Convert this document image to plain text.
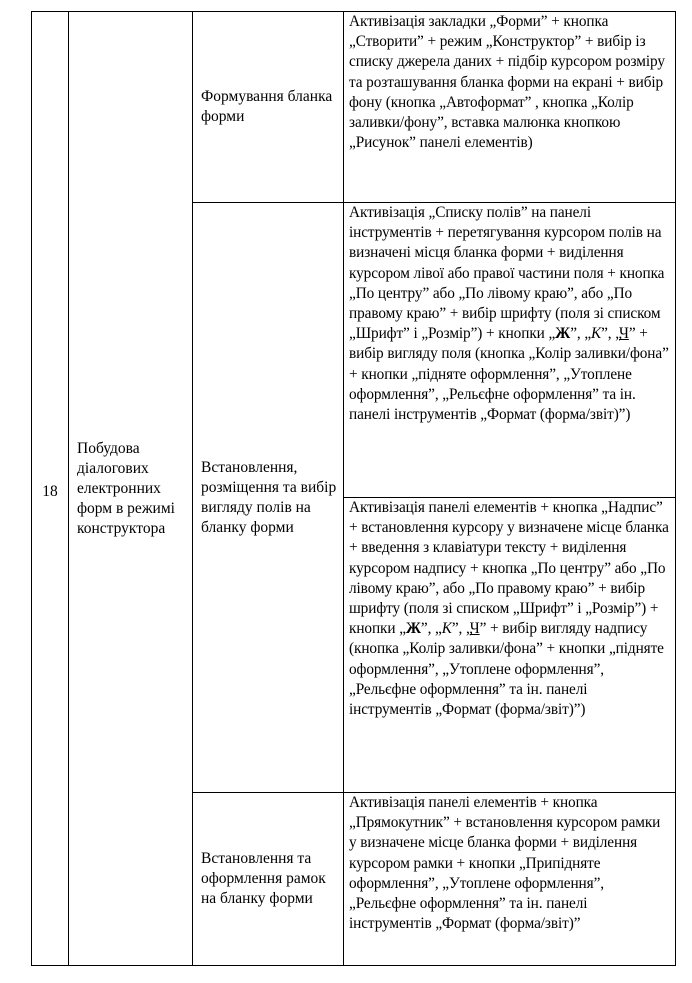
18	Побудова діалогових електронних форм в режимі конструктора	Формування бланка форми	Активізація закладки „Форми” + кнопка „Створити” + режим „Конструктор” + вибір із списку джерела даних + підбір курсором розміру та розташування бланка форми на екрані + вибір фону (кнопка „Автоформат” , кнопка „Колір заливки/фону”, вставка малюнка кнопкою „Рисунок” панелі елементів)

		Встановлення, розміщення та вибір вигляду полів на бланку форми	Активізація „Списку полів” на панелі інструментів + перетягування курсором полів на визначені місця бланка форми + виділення курсором лівої або правої частини поля + кнопка „По центру” або „По лівому краю”, або „По правому краю” + вибір шрифту (поля зі списком „Шрифт” і „Розмір”) + кнопки „Ж”, „К”, „Ч” + вибір вигляду поля (кнопка „Колір заливки/фона” + кнопки „підняте оформлення”, „Утоплене оформлення”, „Рельєфне оформлення” та ін. панелі інструментів „Формат (форма/звіт)”)

			Активізація панелі елементів + кнопка „Надпис” + встановлення курсору у визначене місце бланка + введення з клавіатури тексту + виділення курсором надпису + кнопка „По центру” або „По лівому краю”, або „По правому краю” + вибір шрифту (поля зі списком „Шрифт” і „Розмір”) + кнопки „Ж”, „К”, „Ч” + вибір вигляду надпису (кнопка „Колір заливки/фона” + кнопки „підняте оформлення”, „Утоплене оформлення”, „Рельєфне оформлення” та ін. панелі інструментів „Формат (форма/звіт)”)

		Встановлення та оформлення рамок на бланку форми	Активізація панелі елементів + кнопка „Прямокутник” + встановлення курсором рамки у визначене місце бланка форми + виділення курсором рамки + кнопки „Припідняте оформлення”, „Утоплене оформлення”, „Рельєфне оформлення” та ін. панелі інструментів „Формат (форма/звіт)”
